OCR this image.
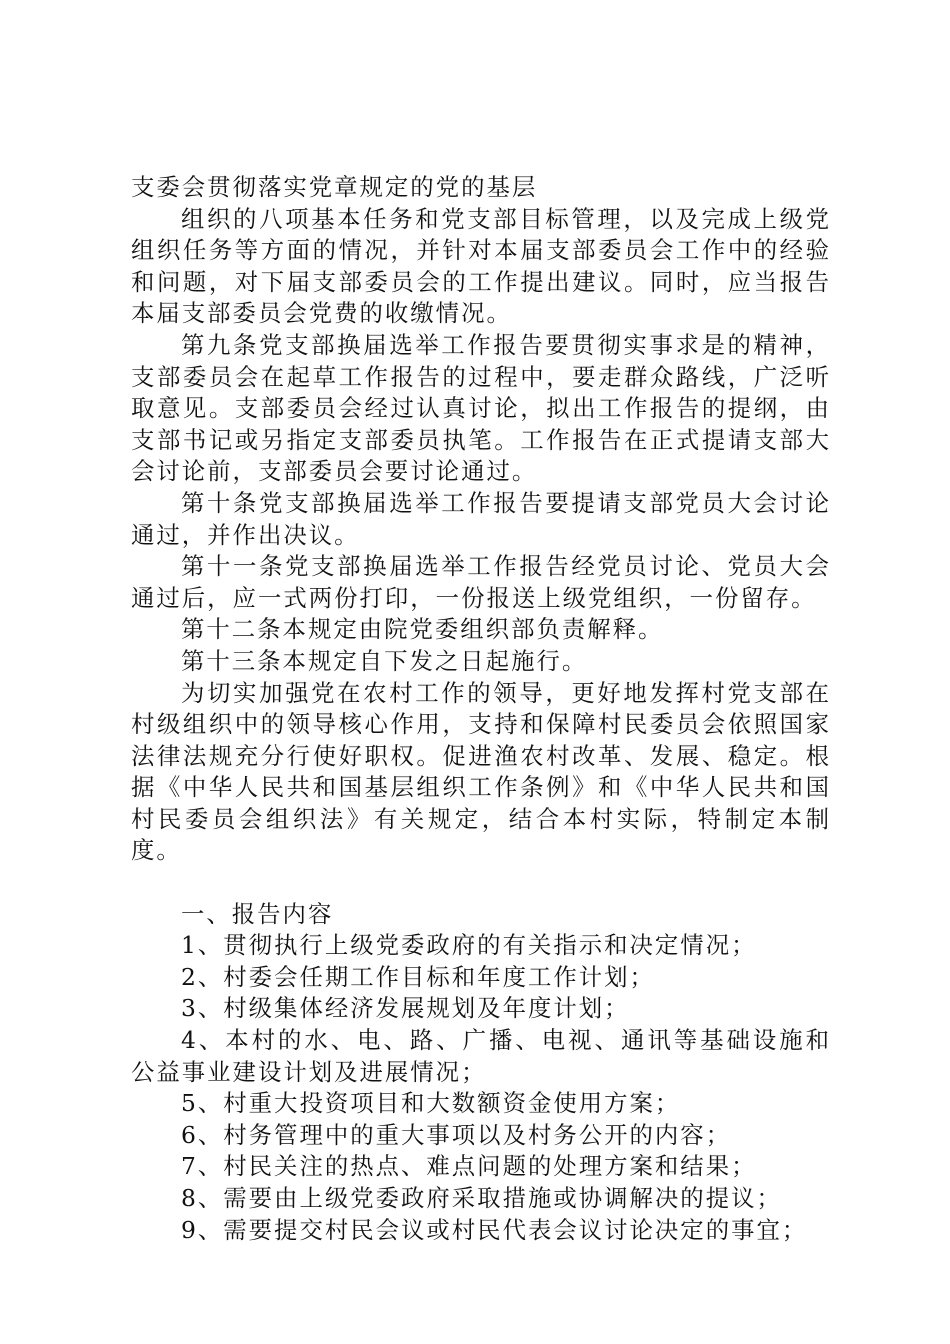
支委会贯彻落实党章规定的党的基层

组织的八项基本任务和党支部目标管理，以及完成上级党组织任务等方面的情况，并针对本届支部委员会工作中的经验和问题，对下届支部委员会的工作提出建议。同时，应当报告本届支部委员会党费的收缴情况。

第九条党支部换届选举工作报告要贯彻实事求是的精神，支部委员会在起草工作报告的过程中，要走群众路线，广泛听取意见。支部委员会经过认真讨论，拟出工作报告的提纲，由支部书记或另指定支部委员执笔。工作报告在正式提请支部大会讨论前，支部委员会要讨论通过。

第十条党支部换届选举工作报告要提请支部党员大会讨论通过，并作出决议。

第十一条党支部换届选举工作报告经党员讨论、党员大会通过后，应一式两份打印，一份报送上级党组织，一份留存。

第十二条本规定由院党委组织部负责解释。

第十三条本规定自下发之日起施行。

为切实加强党在农村工作的领导，更好地发挥村党支部在村级组织中的领导核心作用，支持和保障村民委员会依照国家法律法规充分行使好职权。促进渔农村改革、发展、稳定。根据《中华人民共和国基层组织工作条例》和《中华人民共和国村民委员会组织法》有关规定，结合本村实际，特制定本制度。

一、报告内容

1、贯彻执行上级党委政府的有关指示和决定情况；

2、村委会任期工作目标和年度工作计划；

3、村级集体经济发展规划及年度计划；

4、本村的水、电、路、广播、电视、通讯等基础设施和公益事业建设计划及进展情况；

5、村重大投资项目和大数额资金使用方案；

6、村务管理中的重大事项以及村务公开的内容；

7、村民关注的热点、难点问题的处理方案和结果；

8、需要由上级党委政府采取措施或协调解决的提议；

9、需要提交村民会议或村民代表会议讨论决定的事宜；
